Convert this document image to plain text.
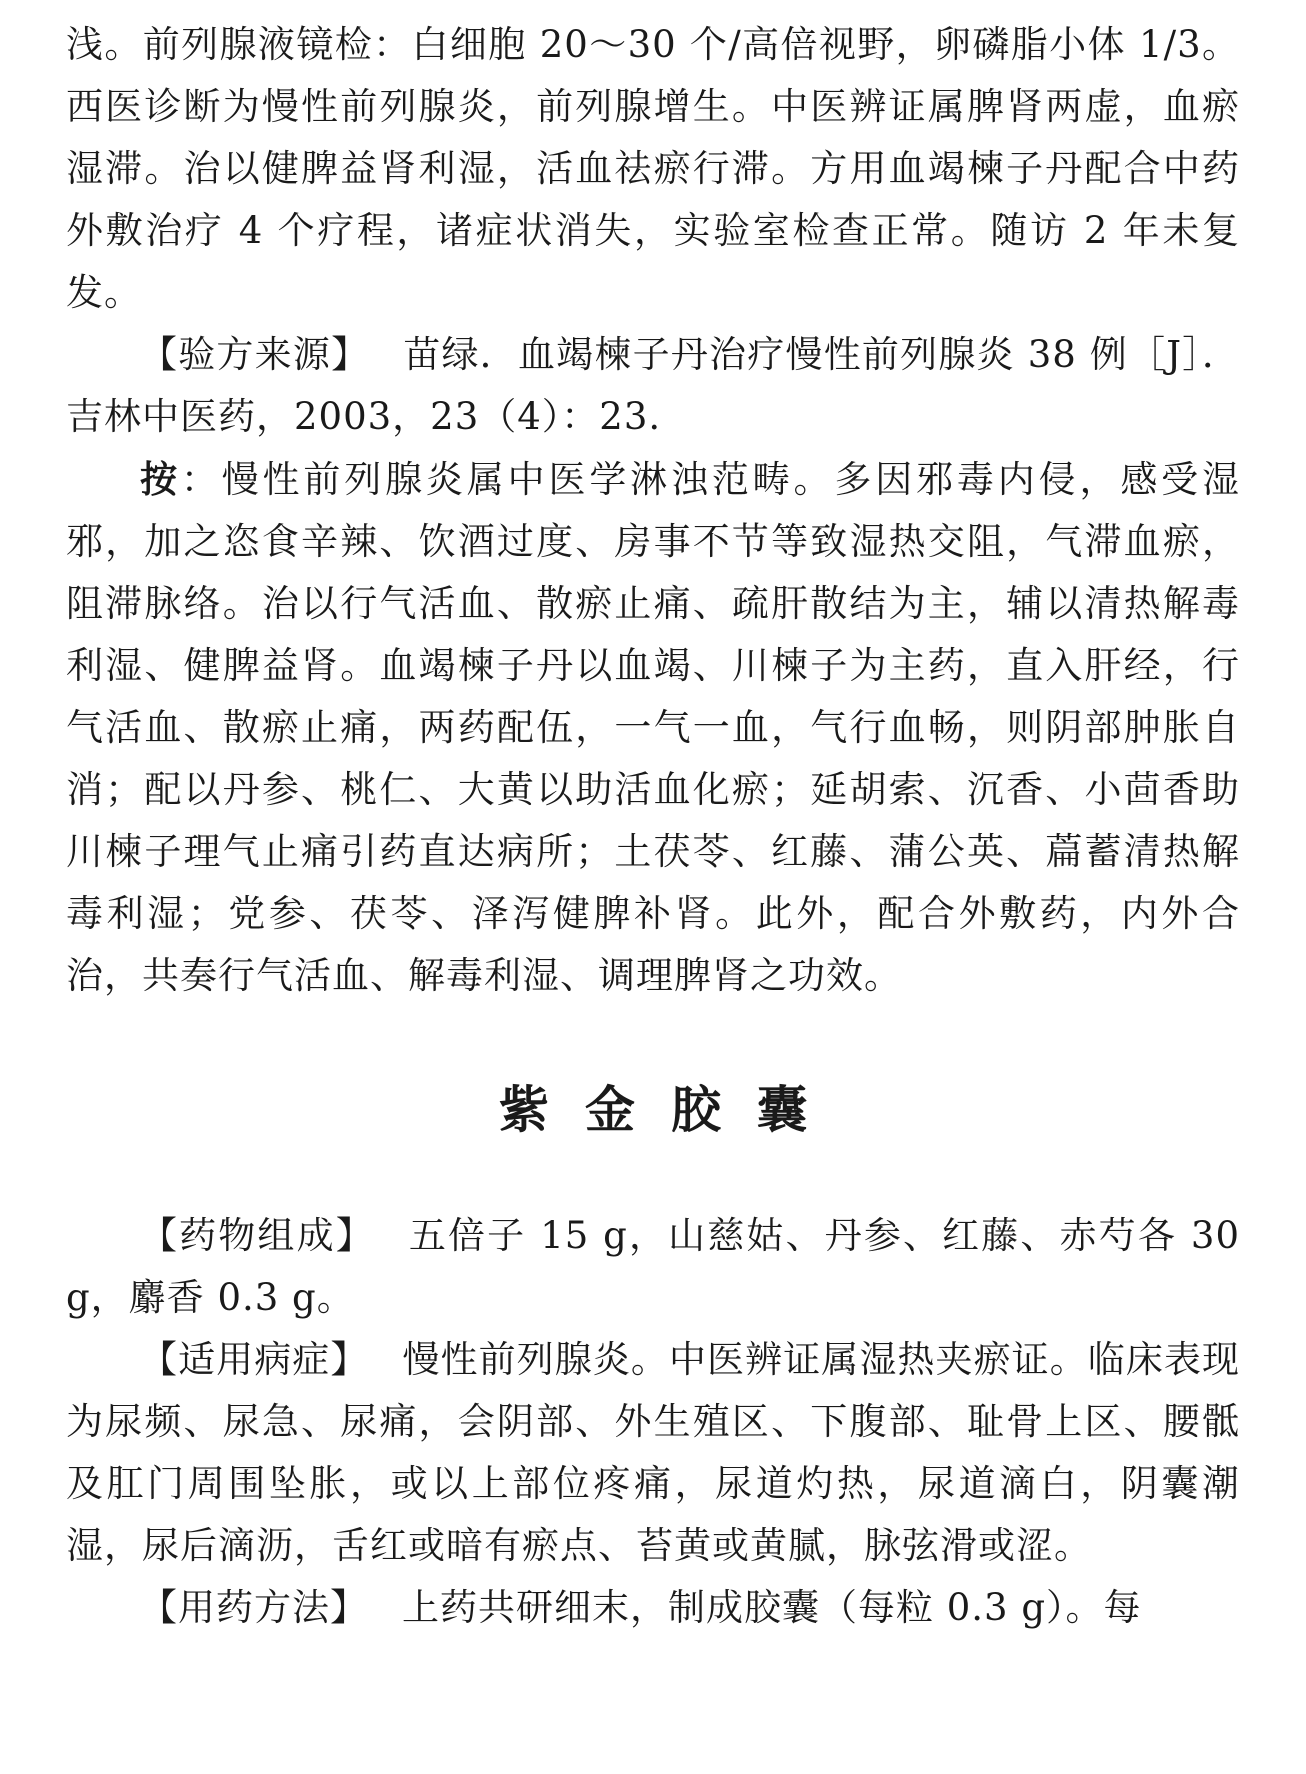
浅。前列腺液镜检：白细胞 20～30 个/高倍视野，卵磷脂小体 1/3。西医诊断为慢性前列腺炎，前列腺增生。中医辨证属脾肾两虚，血瘀湿滞。治以健脾益肾利湿，活血祛瘀行滞。方用血竭楝子丹配合中药外敷治疗 4 个疗程，诸症状消失，实验室检查正常。随访 2 年未复发。

【验方来源】 苗绿．血竭楝子丹治疗慢性前列腺炎 38 例［J］．吉林中医药，2003，23（4）：23.

按：慢性前列腺炎属中医学淋浊范畴。多因邪毒内侵，感受湿邪，加之恣食辛辣、饮酒过度、房事不节等致湿热交阻，气滞血瘀，阻滞脉络。治以行气活血、散瘀止痛、疏肝散结为主，辅以清热解毒利湿、健脾益肾。血竭楝子丹以血竭、川楝子为主药，直入肝经，行气活血、散瘀止痛，两药配伍，一气一血，气行血畅，则阴部肿胀自消；配以丹参、桃仁、大黄以助活血化瘀；延胡索、沉香、小茴香助川楝子理气止痛引药直达病所；土茯苓、红藤、蒲公英、萹蓄清热解毒利湿；党参、茯苓、泽泻健脾补肾。此外，配合外敷药，内外合治，共奏行气活血、解毒利湿、调理脾肾之功效。

紫金胶囊

【药物组成】 五倍子 15 g，山慈姑、丹参、红藤、赤芍各 30 g，麝香 0.3 g。

【适用病症】 慢性前列腺炎。中医辨证属湿热夹瘀证。临床表现为尿频、尿急、尿痛，会阴部、外生殖区、下腹部、耻骨上区、腰骶及肛门周围坠胀，或以上部位疼痛，尿道灼热，尿道滴白，阴囊潮湿，尿后滴沥，舌红或暗有瘀点、苔黄或黄腻，脉弦滑或涩。

【用药方法】 上药共研细末，制成胶囊（每粒 0.3 g）。每
